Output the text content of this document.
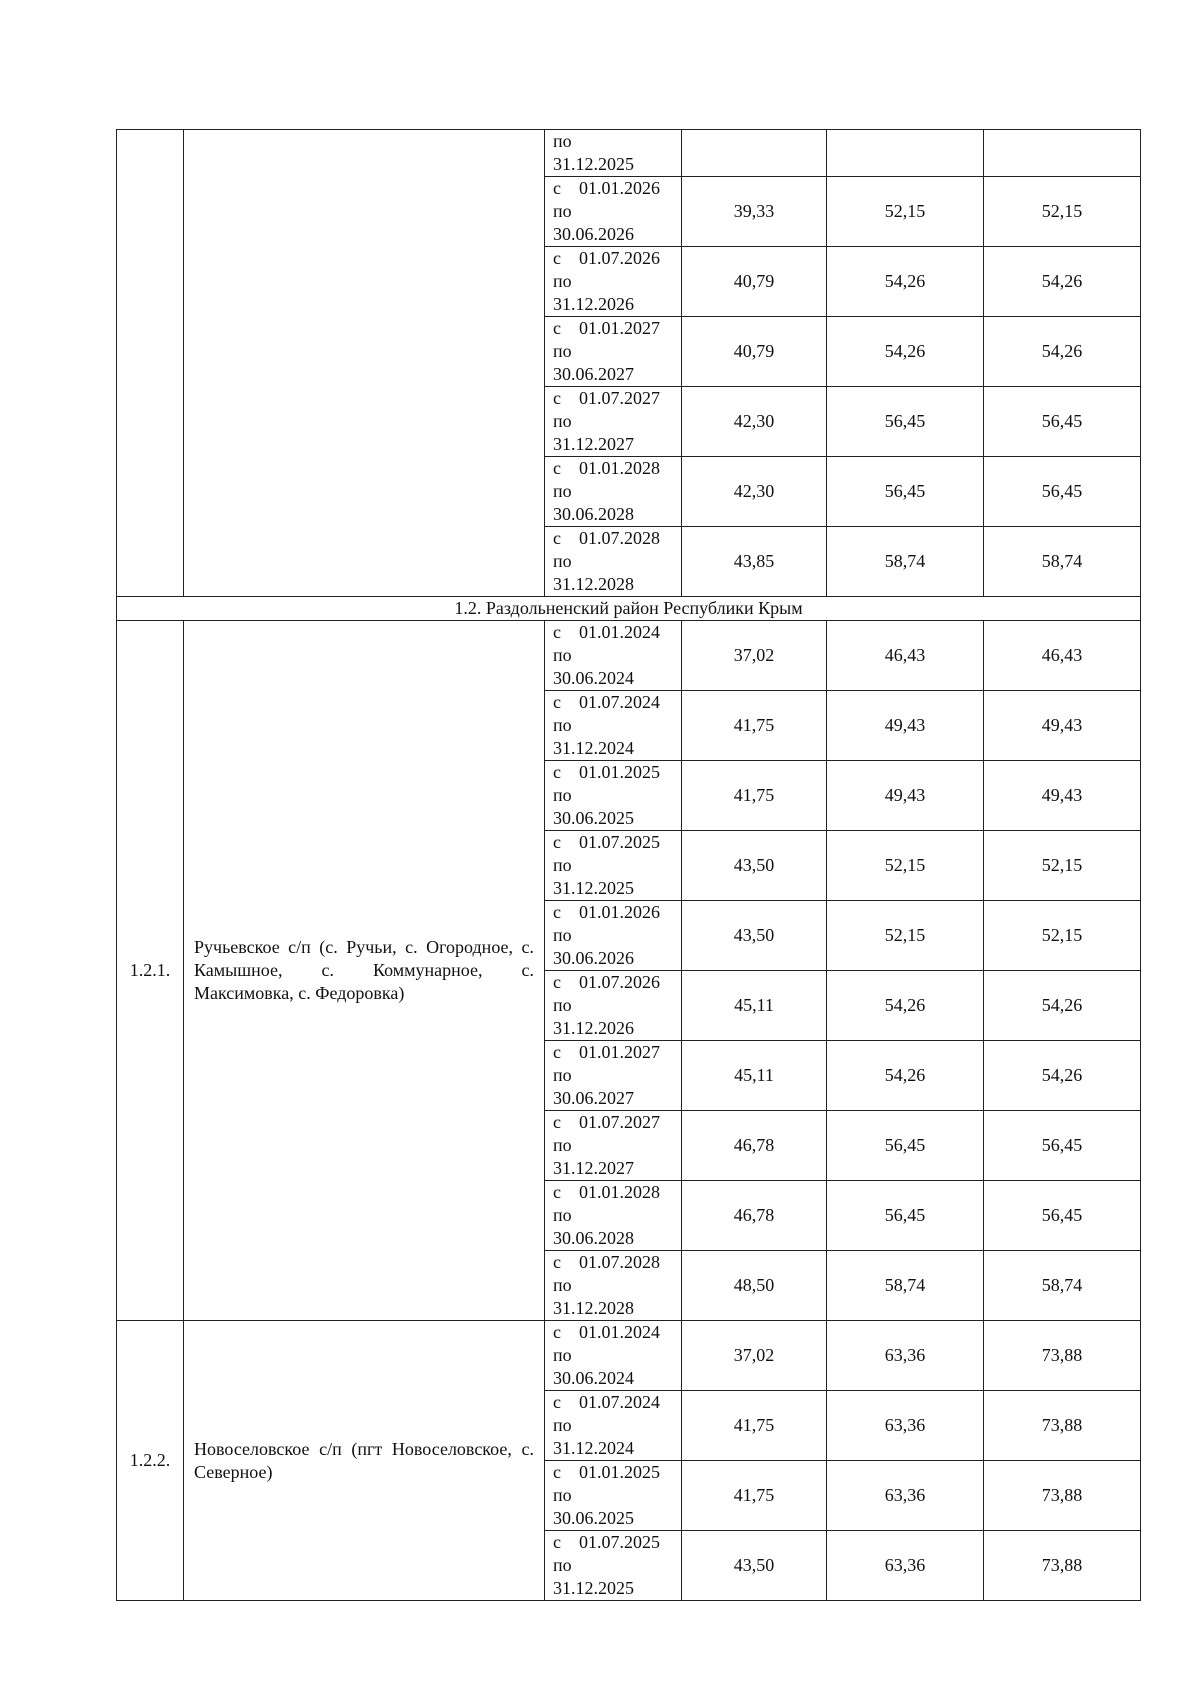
		по
31.12.2025			

		с 01.01.2026
по
30.06.2026	39,33	52,15	52,15

		с 01.07.2026
по
31.12.2026	40,79	54,26	54,26

		с 01.01.2027
по
30.06.2027	40,79	54,26	54,26

		с 01.07.2027
по
31.12.2027	42,30	56,45	56,45

		с 01.01.2028
по
30.06.2028	42,30	56,45	56,45

		с 01.07.2028
по
31.12.2028	43,85	58,74	58,74
1.2. Раздольненский район Республики Крым					
1.2.1.	Ручьевское с/п (с. Ручьи, с. Огородное, с. Камышное, с. Коммунарное, с. Максимовка, с. Федоровка)	с 01.01.2024
по
30.06.2024	37,02	46,43	46,43

		с 01.07.2024
по
31.12.2024	41,75	49,43	49,43

		с 01.01.2025
по
30.06.2025	41,75	49,43	49,43

		с 01.07.2025
по
31.12.2025	43,50	52,15	52,15

		с 01.01.2026
по
30.06.2026	43,50	52,15	52,15

		с 01.07.2026
по
31.12.2026	45,11	54,26	54,26

		с 01.01.2027
по
30.06.2027	45,11	54,26	54,26

		с 01.07.2027
по
31.12.2027	46,78	56,45	56,45

		с 01.01.2028
по
30.06.2028	46,78	56,45	56,45

		с 01.07.2028
по
31.12.2028	48,50	58,74	58,74
1.2.2.	Новоселовское с/п (пгт Новоселовское, с. Северное)	с 01.01.2024
по
30.06.2024	37,02	63,36	73,88

		с 01.07.2024
по
31.12.2024	41,75	63,36	73,88

		с 01.01.2025
по
30.06.2025	41,75	63,36	73,88

		с 01.07.2025
по
31.12.2025	43,50	63,36	73,88
